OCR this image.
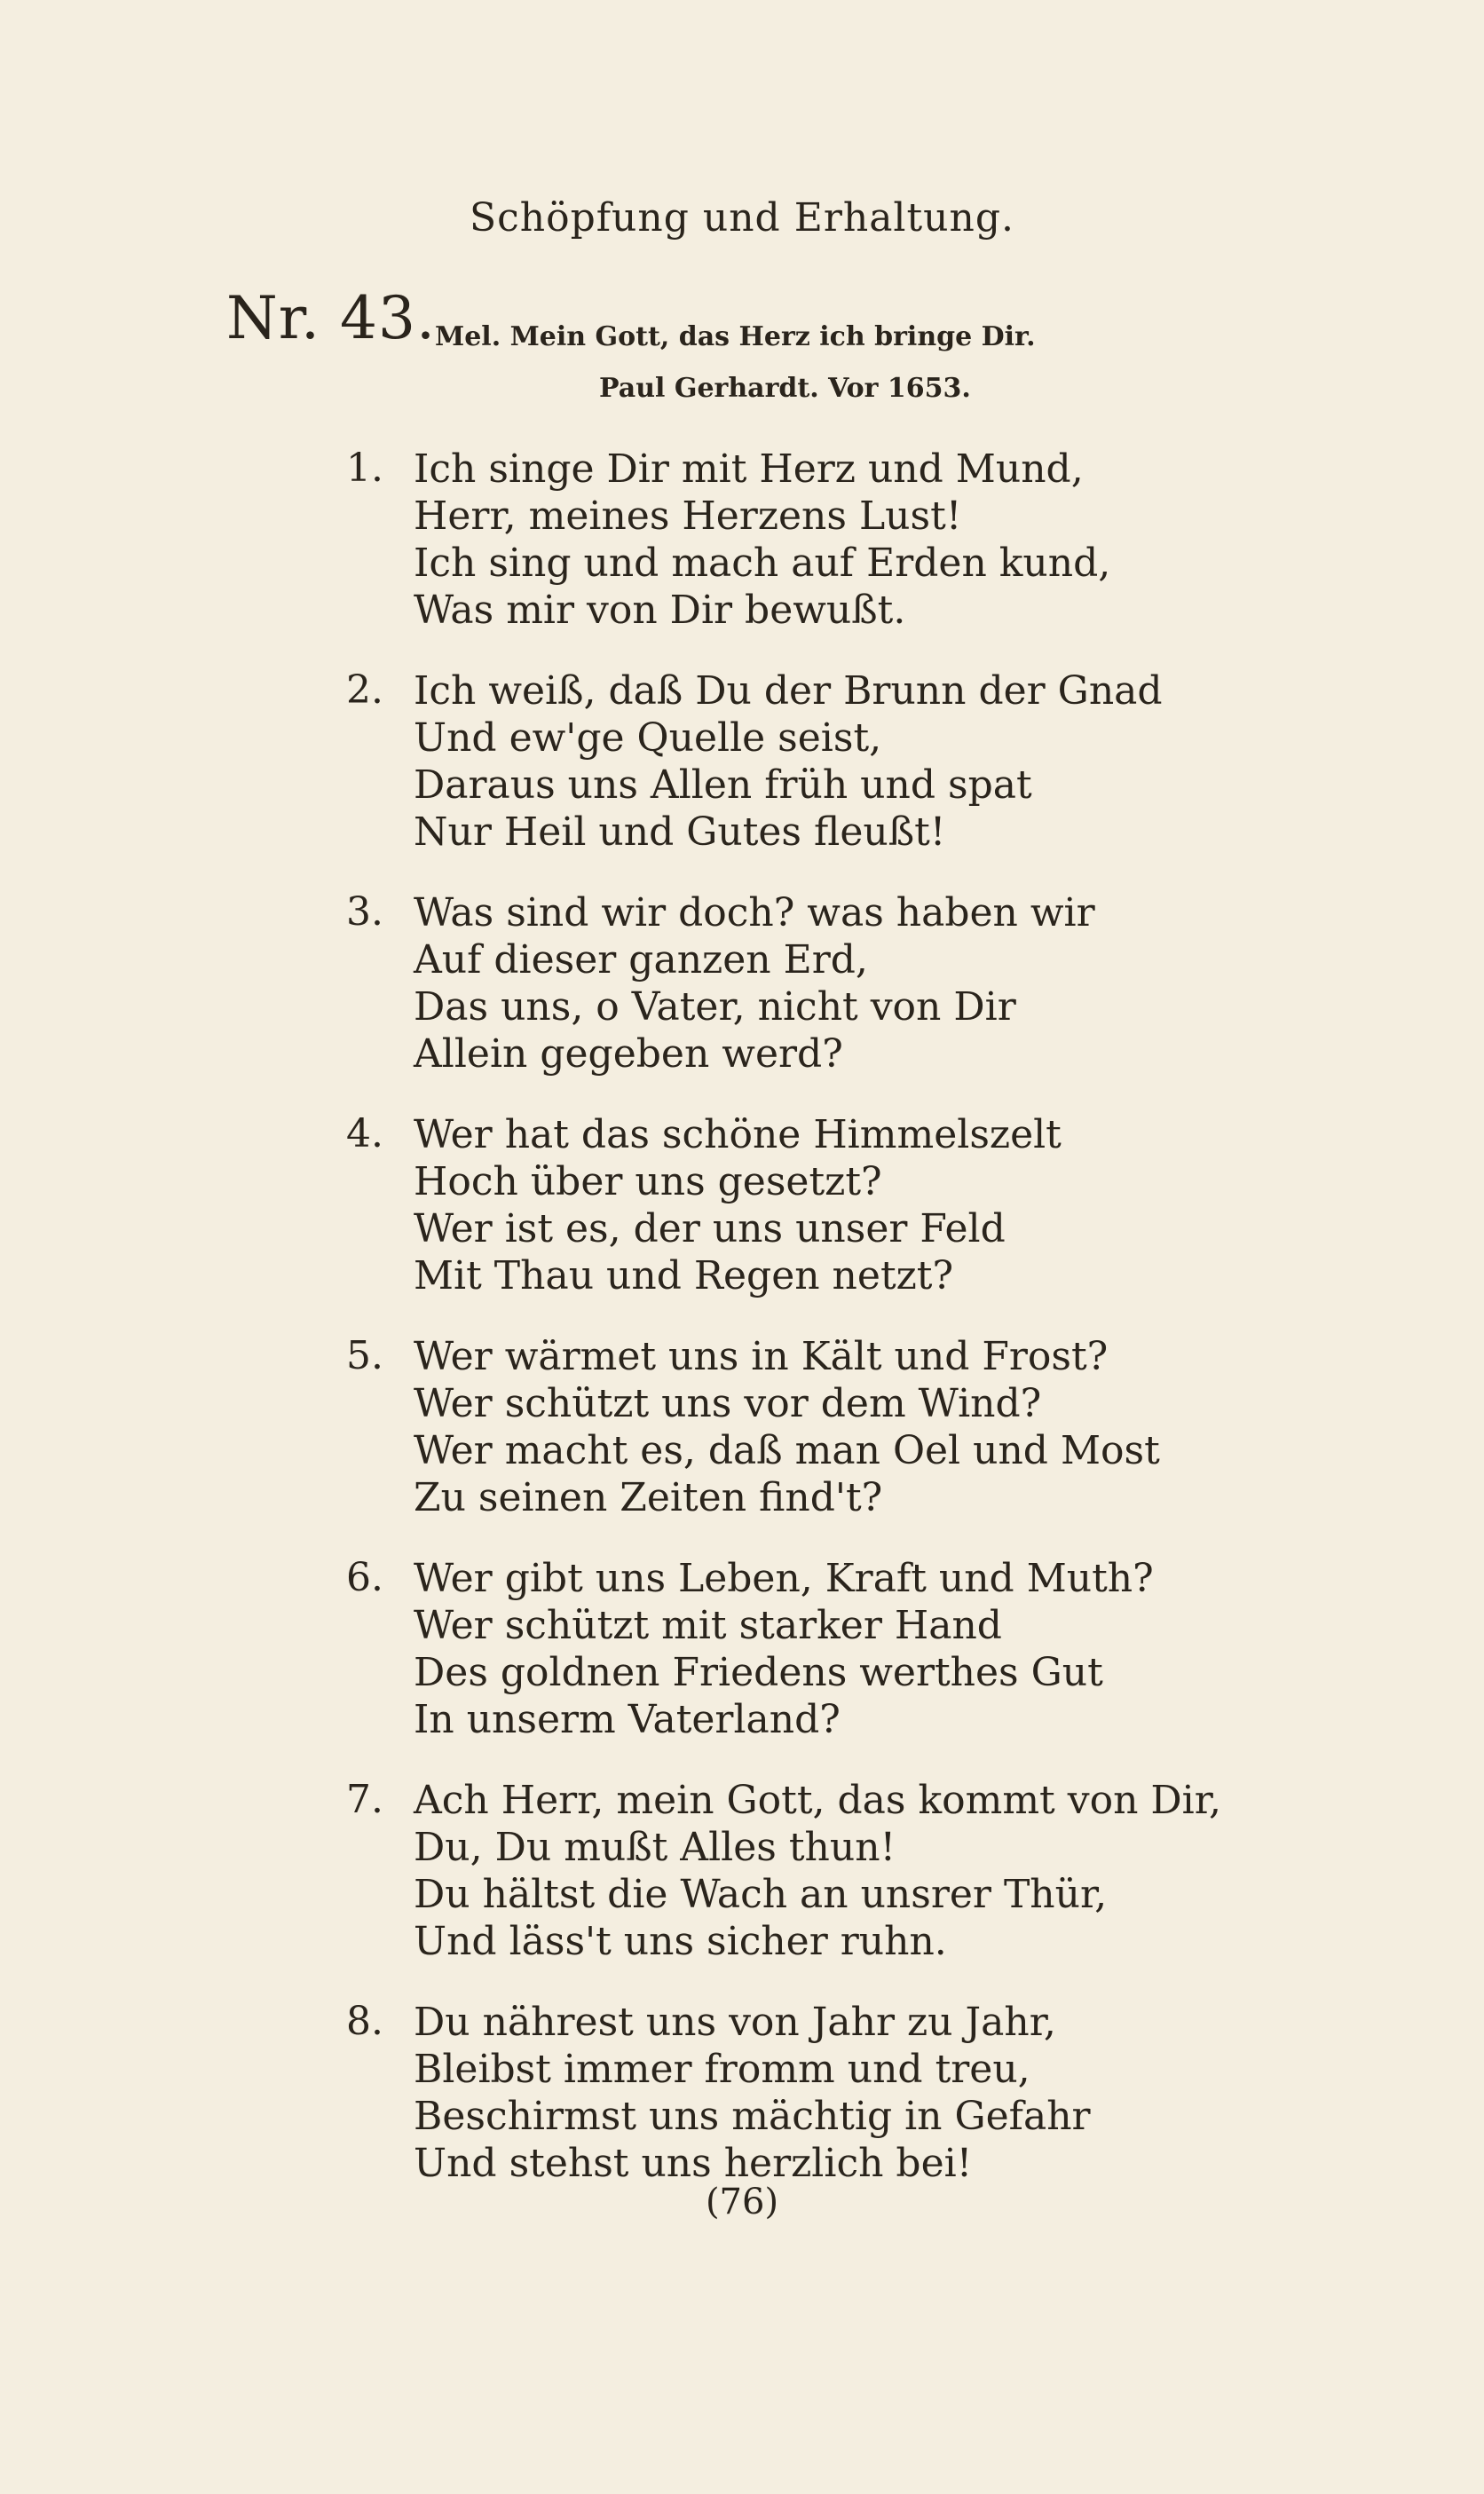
Schöpfung und Erhaltung.
Nr. 43. Mel. Mein Gott, das Herz ich bringe Dir.
Paul Gerhardt. Vor 1653.
1. Ich singe Dir mit Herz und Mund,
Herr, meines Herzens Lust!
Ich sing und mach auf Erden kund,
Was mir von Dir bewußt.
2. Ich weiß, daß Du der Brunn der Gnad
Und ew'ge Quelle seist,
Daraus uns Allen früh und spat
Nur Heil und Gutes fleußt!
3. Was sind wir doch? was haben wir
Auf dieser ganzen Erd,
Das uns, o Vater, nicht von Dir
Allein gegeben werd?
4. Wer hat das schöne Himmelszelt
Hoch über uns gesetzt?
Wer ist es, der uns unser Feld
Mit Thau und Regen netzt?
5. Wer wärmet uns in Kält und Frost?
Wer schützt uns vor dem Wind?
Wer macht es, daß man Oel und Most
Zu seinen Zeiten find't?
6. Wer gibt uns Leben, Kraft und Muth?
Wer schützt mit starker Hand
Des goldnen Friedens werthes Gut
In unserm Vaterland?
7. Ach Herr, mein Gott, das kommt von Dir,
Du, Du mußt Alles thun!
Du hältst die Wach an unsrer Thür,
Und läss't uns sicher ruhn.
8. Du nährest uns von Jahr zu Jahr,
Bleibst immer fromm und treu,
Beschirmst uns mächtig in Gefahr
Und stehst uns herzlich bei!
(76)
